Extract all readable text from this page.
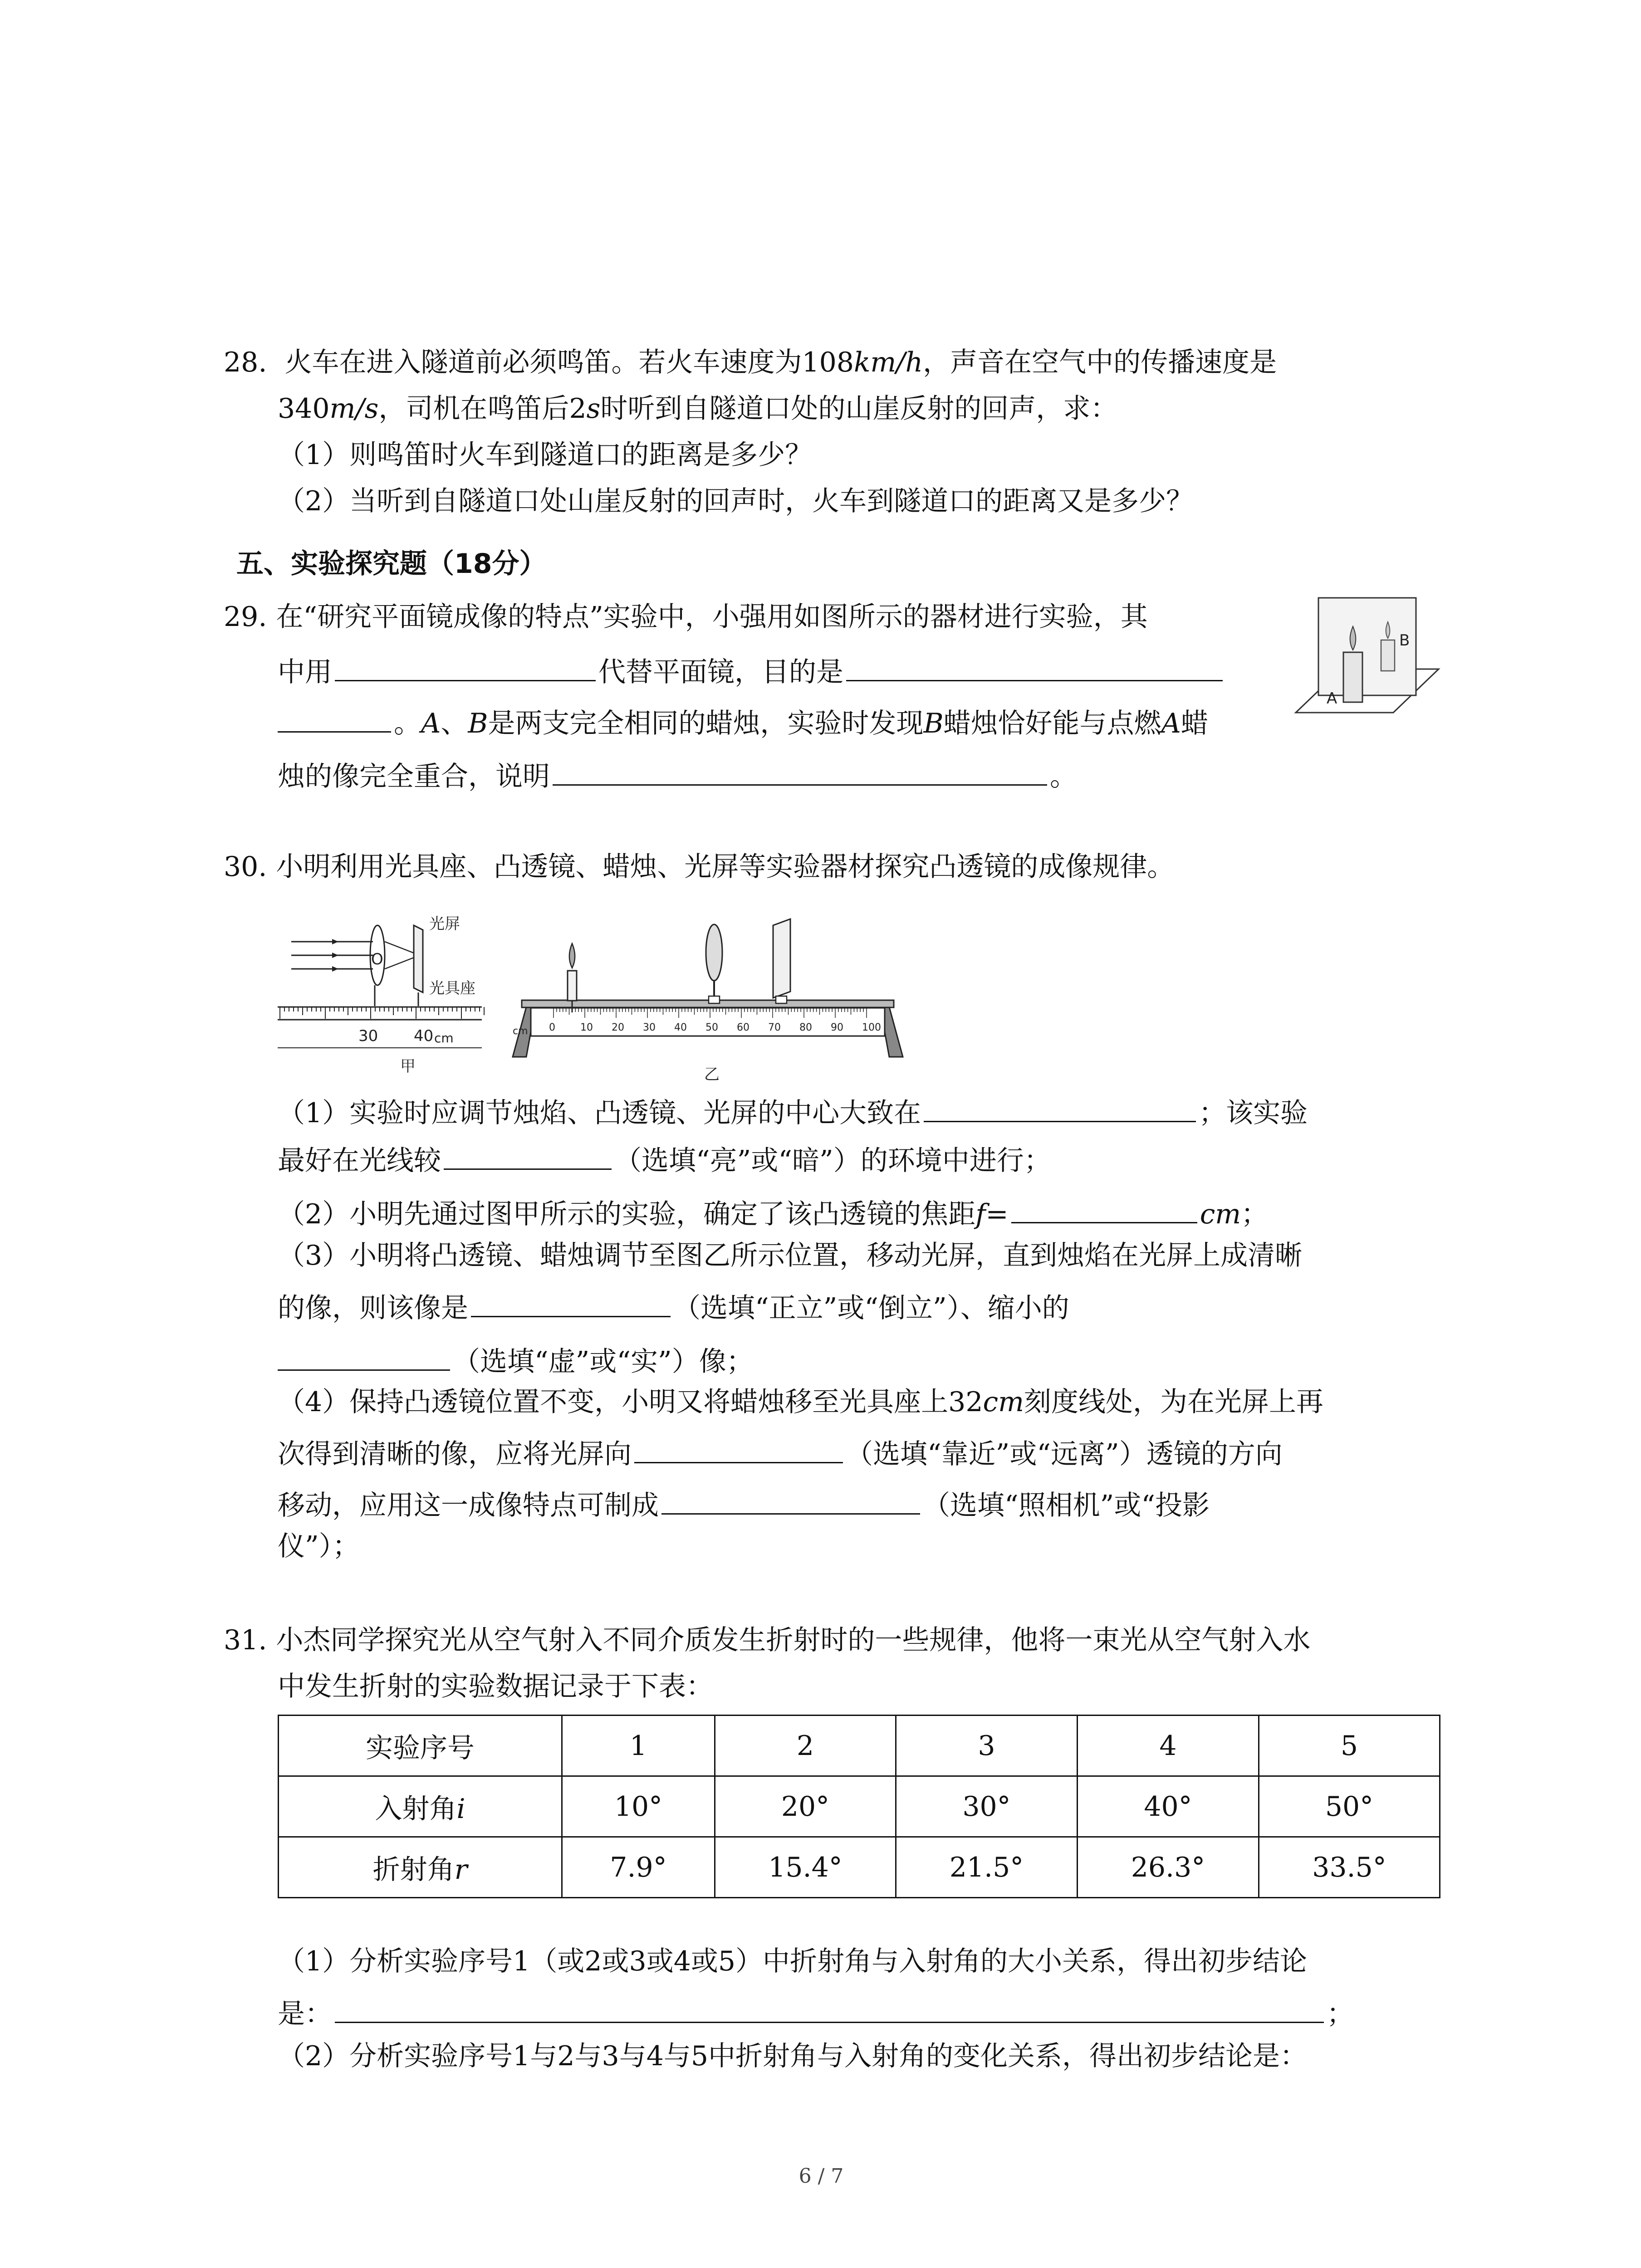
28. 火车在进入隧道前必须鸣笛。若火车速度为108km/h，声音在空气中的传播速度是
340m/s，司机在鸣笛后2s时听到自隧道口处的山崖反射的回声，求：
（1）则鸣笛时火车到隧道口的距离是多少？
（2）当听到自隧道口处山崖反射的回声时，火车到隧道口的距离又是多少？
五、实验探究题（18分）
29. 在“研究平面镜成像的特点”实验中，小强用如图所示的器材进行实验，其
中用	代替平面镜，目的是
。A、B是两支完全相同的蜡烛，实验时发现B蜡烛恰好能与点燃A蜡
烛的像完全重合，说明	。
A
B
30. 小明利用光具座、凸透镜、蜡烛、光屏等实验器材探究凸透镜的成像规律。
O
光屏
光具座
30 40 cm
甲
0	10 20 30 40 50 60 70 80 90 100
cm
乙
（1）实验时应调节烛焰、凸透镜、光屏的中心大致在	；该实验
最好在光线较	（选填“亮”或“暗”）的环境中进行；
（2）小明先通过图甲所示的实验，确定了该凸透镜的焦距f=	cm；
（3）小明将凸透镜、蜡烛调节至图乙所示位置，移动光屏，直到烛焰在光屏上成清晰
的像，则该像是	（选填“正立”或“倒立”）、缩小的
（选填“虚”或“实”）像；
（4）保持凸透镜位置不变，小明又将蜡烛移至光具座上32cm刻度线处，为在光屏上再
次得到清晰的像，应将光屏向	（选填“靠近”或“远离”）透镜的方向
移动，应用这一成像特点可制成	（选填“照相机”或“投影
仪”）；
31. 小杰同学探究光从空气射入不同介质发生折射时的一些规律，他将一束光从空气射入水
中发生折射的实验数据记录于下表：
实验序号	1	2	3	4	5
入射角i	10°	20°	30°	40°	50°
折射角r	7.9°	15.4°	21.5°	26.3°	33.5°
（1）分析实验序号1（或2或3或4或5）中折射角与入射角的大小关系，得出初步结论
是：	；
（2）分析实验序号1与2与3与4与5中折射角与入射角的变化关系，得出初步结论是：
6 / 7
